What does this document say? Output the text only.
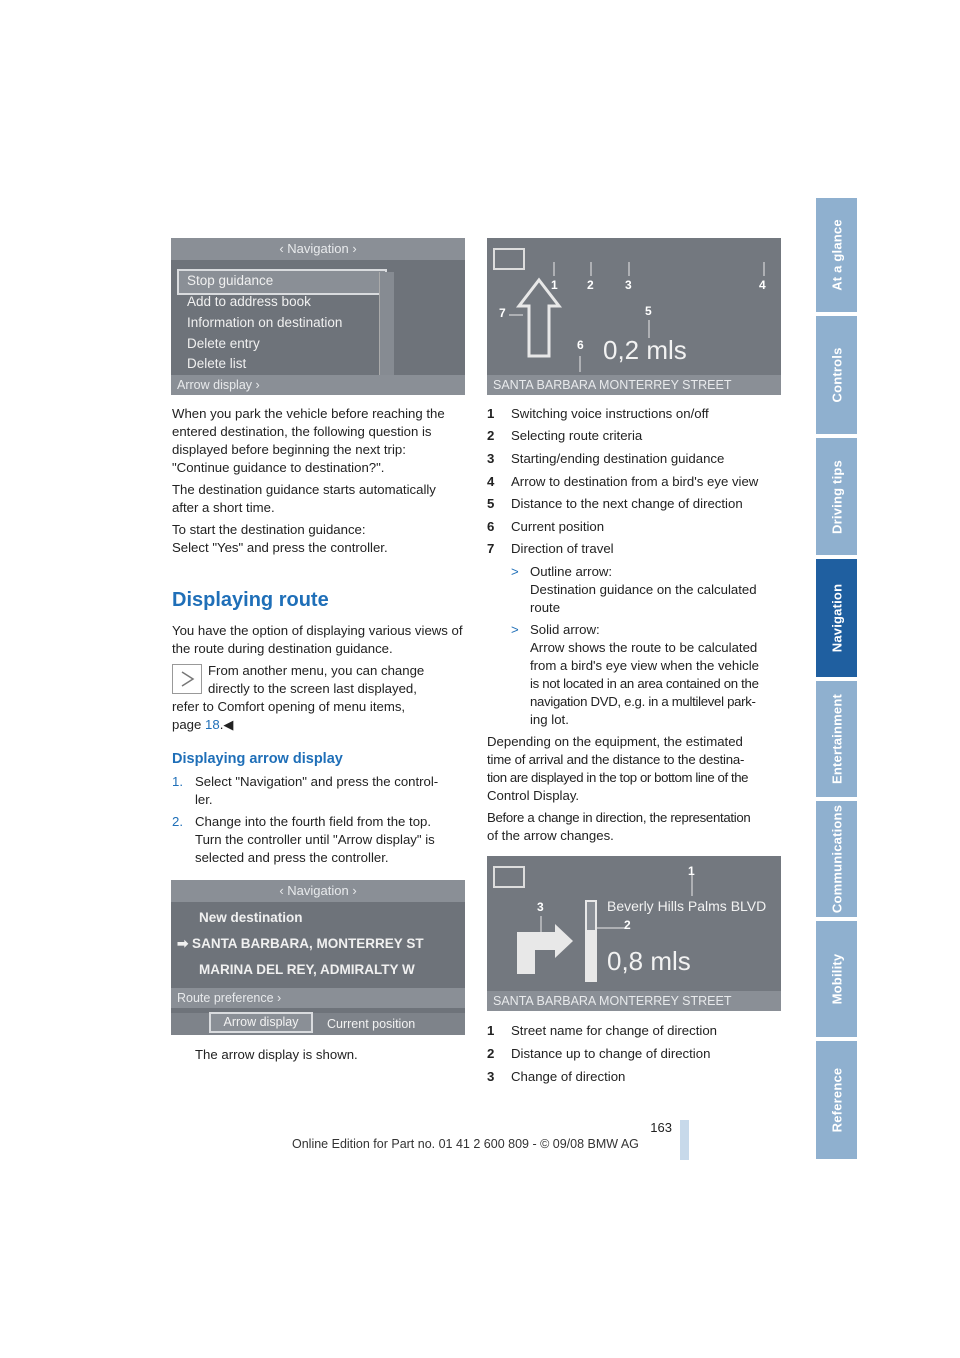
At a glance
Controls
Driving tips
Navigation
Entertainment
Communications
Mobility
Reference
‹ Navigation ›
Stop guidance
Add to address book
Information on destination
Delete entry
Delete list
Arrow display ›
1 2	3	4
5
6
7
0,2 mls
SANTA BARBARA MONTERREY STREET
When you park the vehicle before reaching the entered destination, the following question is displayed before beginning the next trip: "Continue guidance to destination?".
The destination guidance starts automatically after a short time.
To start the destination guidance:
Select "Yes" and press the controller.
Displaying route
You have the option of displaying various views of the route during destination guidance.
From another menu, you can change
directly to the screen last displayed,
refer to Comfort opening of menu items,
page 18.◀
Displaying arrow display
1. Select "Navigation" and press the control-
ler.
2. Change into the fourth field from the top.
Turn the controller until "Arrow display" is
selected and press the controller.
‹ Navigation ›
New destination
➡ SANTA BARBARA, MONTERREY ST
MARINA DEL REY, ADMIRALTY W
Route preference ›
Arrow display	Current position
The arrow display is shown.
1 Switching voice instructions on/off
2 Selecting route criteria
3 Starting/ending destination guidance
4 Arrow to destination from a bird's eye view
5 Distance to the next change of direction
6 Current position
7 Direction of travel
> Outline arrow:
Destination guidance on the calculated
route
> Solid arrow:
Arrow shows the route to be calculated
from a bird's eye view when the vehicle
is not located in an area contained on the
navigation DVD, e.g. in a multilevel park-
ing lot.
Depending on the equipment, the estimated
time of arrival and the distance to the destina-
tion are displayed in the top or bottom line of the
Control Display.
Before a change in direction, the representation
of the arrow changes.
1
2
3	Beverly Hills Palms BLVD
0,8 mls
SANTA BARBARA MONTERREY STREET
1 Street name for change of direction
2 Distance up to change of direction
3 Change of direction
163
Online Edition for Part no. 01 41 2 600 809 - © 09/08 BMW AG
